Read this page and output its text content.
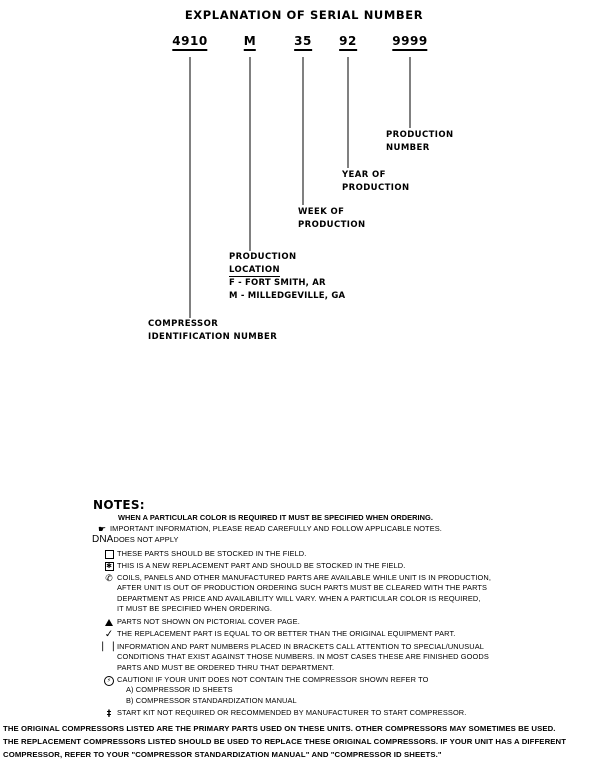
EXPLANATION OF SERIAL NUMBER
4910
COMPRESSOR
IDENTIFICATION NUMBER
M
PRODUCTION
LOCATION
F - FORT SMITH, AR
M - MILLEDGEVILLE, GA
35
WEEK OF
PRODUCTION
92
YEAR OF
PRODUCTION
9999
PRODUCTION
NUMBER
NOTES:
WHEN A PARTICULAR COLOR IS REQUIRED IT MUST BE SPECIFIED WHEN ORDERING.
☛ IMPORTANT INFORMATION, PLEASE READ CAREFULLY AND FOLLOW APPLICABLE NOTES.
DNADOES NOT APPLY
THESE PARTS SHOULD BE STOCKED IN THE FIELD.
✱ THIS IS A NEW REPLACEMENT PART AND SHOULD BE STOCKED IN THE FIELD.
✆ COILS, PANELS AND OTHER MANUFACTURED PARTS ARE AVAILABLE WHILE UNIT IS IN PRODUCTION,
AFTER UNIT IS OUT OF PRODUCTION ORDERING SUCH PARTS MUST BE CLEARED WITH THE PARTS
DEPARTMENT AS PRICE AND AVAILABILITY WILL VARY. WHEN A PARTICULAR COLOR IS REQUIRED,
IT MUST BE SPECIFIED WHEN ORDERING.
PARTS NOT SHOWN ON PICTORIAL COVER PAGE.
✓ THE REPLACEMENT PART IS EQUAL TO OR BETTER THAN THE ORIGINAL EQUIPMENT PART.
| | INFORMATION AND PART NUMBERS PLACED IN BRACKETS CALL ATTENTION TO SPECIAL/UNUSUAL
CONDITIONS THAT EXIST AGAINST THOSE NUMBERS. IN MOST CASES THESE ARE FINISHED GOODS
PARTS AND MUST BE ORDERED THRU THAT DEPARTMENT.
⚡ CAUTION! IF YOUR UNIT DOES NOT CONTAIN THE COMPRESSOR SHOWN REFER TO
A) COMPRESSOR ID SHEETS
B) COMPRESSOR STANDARDIZATION MANUAL
‡ START KIT NOT REQUIRED OR RECOMMENDED BY MANUFACTURER TO START COMPRESSOR.
THE ORIGINAL COMPRESSORS LISTED ARE THE PRIMARY PARTS USED ON THESE UNITS. OTHER COMPRESSORS MAY SOMETIMES BE USED.
THE REPLACEMENT COMPRESSORS LISTED SHOULD BE USED TO REPLACE THESE ORIGINAL COMPRESSORS. IF YOUR UNIT HAS A DIFFERENT
COMPRESSOR, REFER TO YOUR "COMPRESSOR STANDARDIZATION MANUAL" AND "COMPRESSOR ID SHEETS."
